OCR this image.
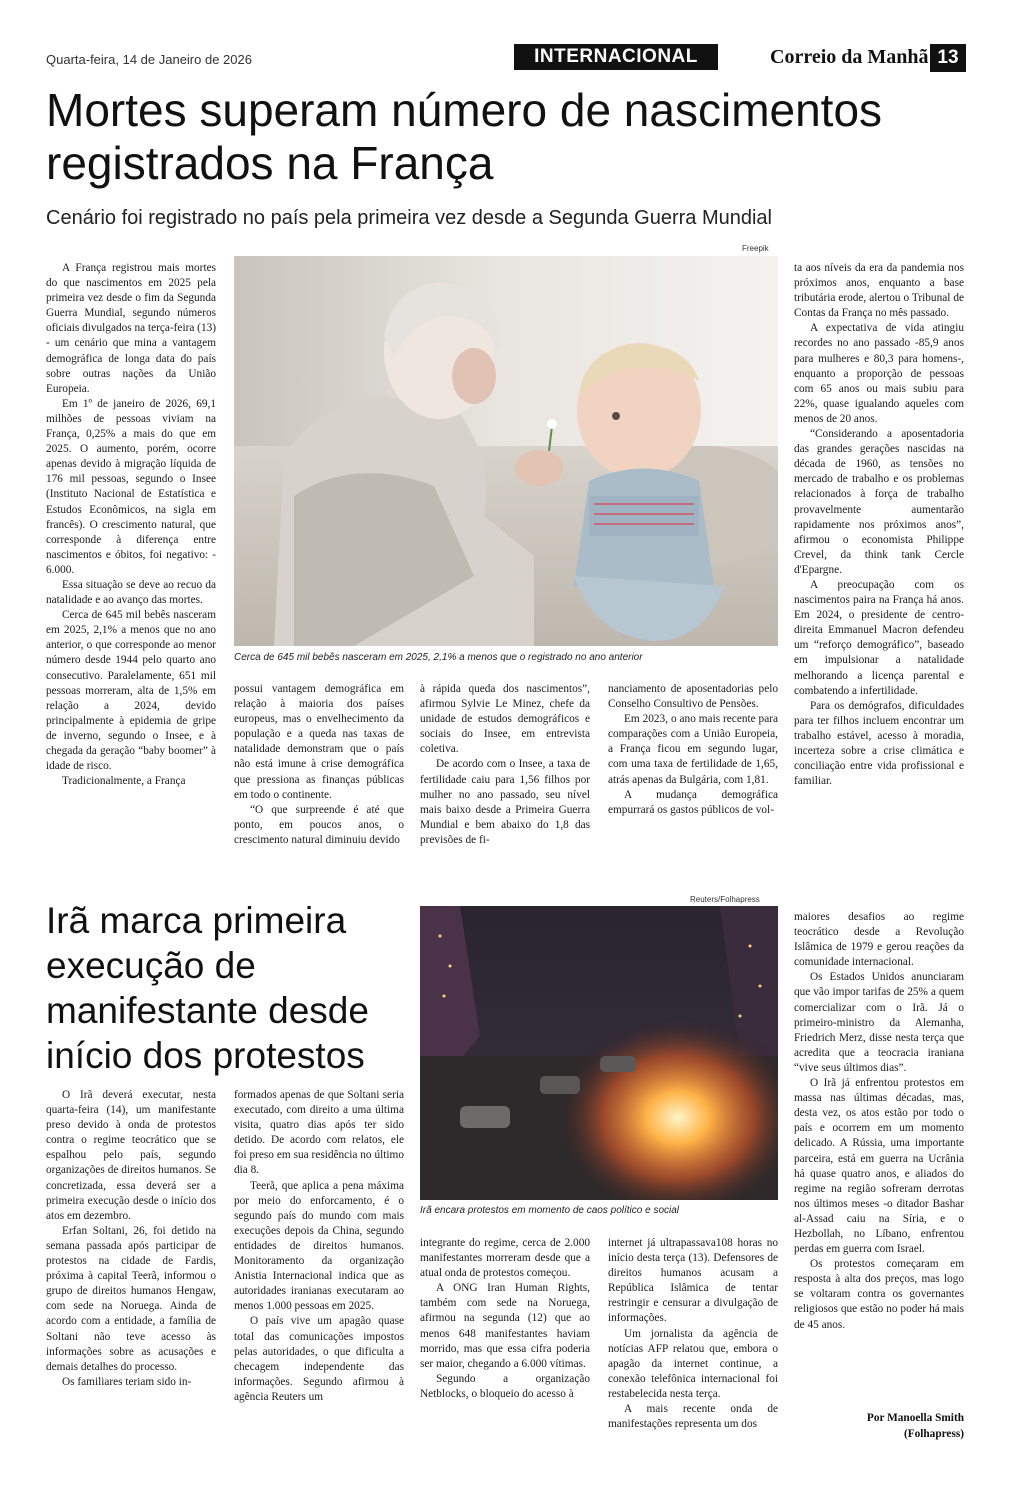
Quarta-feira, 14 de Janeiro de 2026	INTERNACIONAL	Correio da Manhã 13
Mortes superam número de nascimentos registrados na França
Cenário foi registrado no país pela primeira vez desde a Segunda Guerra Mundial
Freepik
Cerca de 645 mil bebês nasceram em 2025, 2,1% a menos que o registrado no ano anterior

A França registrou mais mortes do que nascimentos em 2025 pela primeira vez desde o fim da Segunda Guerra Mundial, segundo números oficiais divulgados na terça-feira (13) - um cenário que mina a vantagem demográfica de longa data do país sobre outras nações da União Europeia.

Em 1º de janeiro de 2026, 69,1 milhões de pessoas viviam na França, 0,25% a mais do que em 2025. O aumento, porém, ocorre apenas devido à migração líquida de 176 mil pessoas, segundo o Insee (Instituto Nacional de Estatística e Estudos Econômicos, na sigla em francês). O crescimento natural, que corresponde à diferença entre nascimentos e óbitos, foi negativo: - 6.000.

Essa situação se deve ao recuo da natalidade e ao avanço das mortes.

Cerca de 645 mil bebês nasceram em 2025, 2,1% a menos que no ano anterior, o que corresponde ao menor número desde 1944 pelo quarto ano consecutivo. Paralelamente, 651 mil pessoas morreram, alta de 1,5% em relação a 2024, devido principalmente à epidemia de gripe de inverno, segundo o Insee, e à chegada da geração “baby boomer” à idade de risco.

Tradicionalmente, a França

possui vantagem demográfica em relação à maioria dos países europeus, mas o envelhecimento da população e a queda nas taxas de natalidade demonstram que o país não está imune à crise demográfica que pressiona as finanças públicas em todo o continente.

“O que surpreende é até que ponto, em poucos anos, o crescimento natural diminuiu devido

à rápida queda dos nascimentos”, afirmou Sylvie Le Minez, chefe da unidade de estudos demográficos e sociais do Insee, em entrevista coletiva.

De acordo com o Insee, a taxa de fertilidade caiu para 1,56 filhos por mulher no ano passado, seu nível mais baixo desde a Primeira Guerra Mundial e bem abaixo do 1,8 das previsões de fi-

nanciamento de aposentadorias pelo Conselho Consultivo de Pensões.

Em 2023, o ano mais recente para comparações com a União Europeia, a França ficou em segundo lugar, com uma taxa de fertilidade de 1,65, atrás apenas da Bulgária, com 1,81.

A mudança demográfica empurrará os gastos públicos de vol-

ta aos níveis da era da pandemia nos próximos anos, enquanto a base tributária erode, alertou o Tribunal de Contas da França no mês passado.

A expectativa de vida atingiu recordes no ano passado -85,9 anos para mulheres e 80,3 para homens-, enquanto a proporção de pessoas com 65 anos ou mais subiu para 22%, quase igualando aqueles com menos de 20 anos.

“Considerando a aposentadoria das grandes gerações nascidas na década de 1960, as tensões no mercado de trabalho e os problemas relacionados à força de trabalho provavelmente aumentarão rapidamente nos próximos anos”, afirmou o economista Philippe Crevel, da think tank Cercle d'Epargne.

A preocupação com os nascimentos paira na França há anos. Em 2024, o presidente de centro-direita Emmanuel Macron defendeu um “reforço demográfico”, baseado em impulsionar a natalidade melhorando a licença parental e combatendo a infertilidade.

Para os demógrafos, dificuldades para ter filhos incluem encontrar um trabalho estável, acesso à moradia, incerteza sobre a crise climática e conciliação entre vida profissional e familiar.

Irã marca primeira execução de manifestante desde início dos protestos
Reuters/Folhapress
Irã encara protestos em momento de caos político e social

O Irã deverá executar, nesta quarta-feira (14), um manifestante preso devido à onda de protestos contra o regime teocrático que se espalhou pelo país, segundo organizações de direitos humanos. Se concretizada, essa deverá ser a primeira execução desde o início dos atos em dezembro.

Erfan Soltani, 26, foi detido na semana passada após participar de protestos na cidade de Fardis, próxima à capital Teerã, informou o grupo de direitos humanos Hengaw, com sede na Noruega. Ainda de acordo com a entidade, a família de Soltani não teve acesso às informações sobre as acusações e demais detalhes do processo.

Os familiares teriam sido in-

formados apenas de que Soltani seria executado, com direito a uma última visita, quatro dias após ter sido detido. De acordo com relatos, ele foi preso em sua residência no último dia 8.

Teerã, que aplica a pena máxima por meio do enforcamento, é o segundo país do mundo com mais execuções depois da China, segundo entidades de direitos humanos. Monitoramento da organização Anistia Internacional indica que as autoridades iranianas executaram ao menos 1.000 pessoas em 2025.

O país vive um apagão quase total das comunicações impostos pelas autoridades, o que dificulta a checagem independente das informações. Segundo afirmou à agência Reuters um

integrante do regime, cerca de 2.000 manifestantes morreram desde que a atual onda de protestos começou.

A ONG Iran Human Rights, também com sede na Noruega, afirmou na segunda (12) que ao menos 648 manifestantes haviam morrido, mas que essa cifra poderia ser maior, chegando a 6.000 vítimas.

Segundo a organização Netblocks, o bloqueio do acesso à

internet já ultrapassava108 horas no início desta terça (13). Defensores de direitos humanos acusam a República Islâmica de tentar restringir e censurar a divulgação de informações.

Um jornalista da agência de notícias AFP relatou que, embora o apagão da internet continue, a conexão telefônica internacional foi restabelecida nesta terça.

A mais recente onda de manifestações representa um dos

maiores desafios ao regime teocrático desde a Revolução Islâmica de 1979 e gerou reações da comunidade internacional.

Os Estados Unidos anunciaram que vão impor tarifas de 25% a quem comercializar com o Irã. Já o primeiro-ministro da Alemanha, Friedrich Merz, disse nesta terça que acredita que a teocracia iraniana “vive seus últimos dias”.

O Irã já enfrentou protestos em massa nas últimas décadas, mas, desta vez, os atos estão por todo o país e ocorrem em um momento delicado. A Rússia, uma importante parceira, está em guerra na Ucrânia há quase quatro anos, e aliados do regime na região sofreram derrotas nos últimos meses -o ditador Bashar al-Assad caiu na Síria, e o Hezbollah, no Líbano, enfrentou perdas em guerra com Israel.

Os protestos começaram em resposta à alta dos preços, mas logo se voltaram contra os governantes religiosos que estão no poder há mais de 45 anos.

Por Manoella Smith
(Folhapress)
